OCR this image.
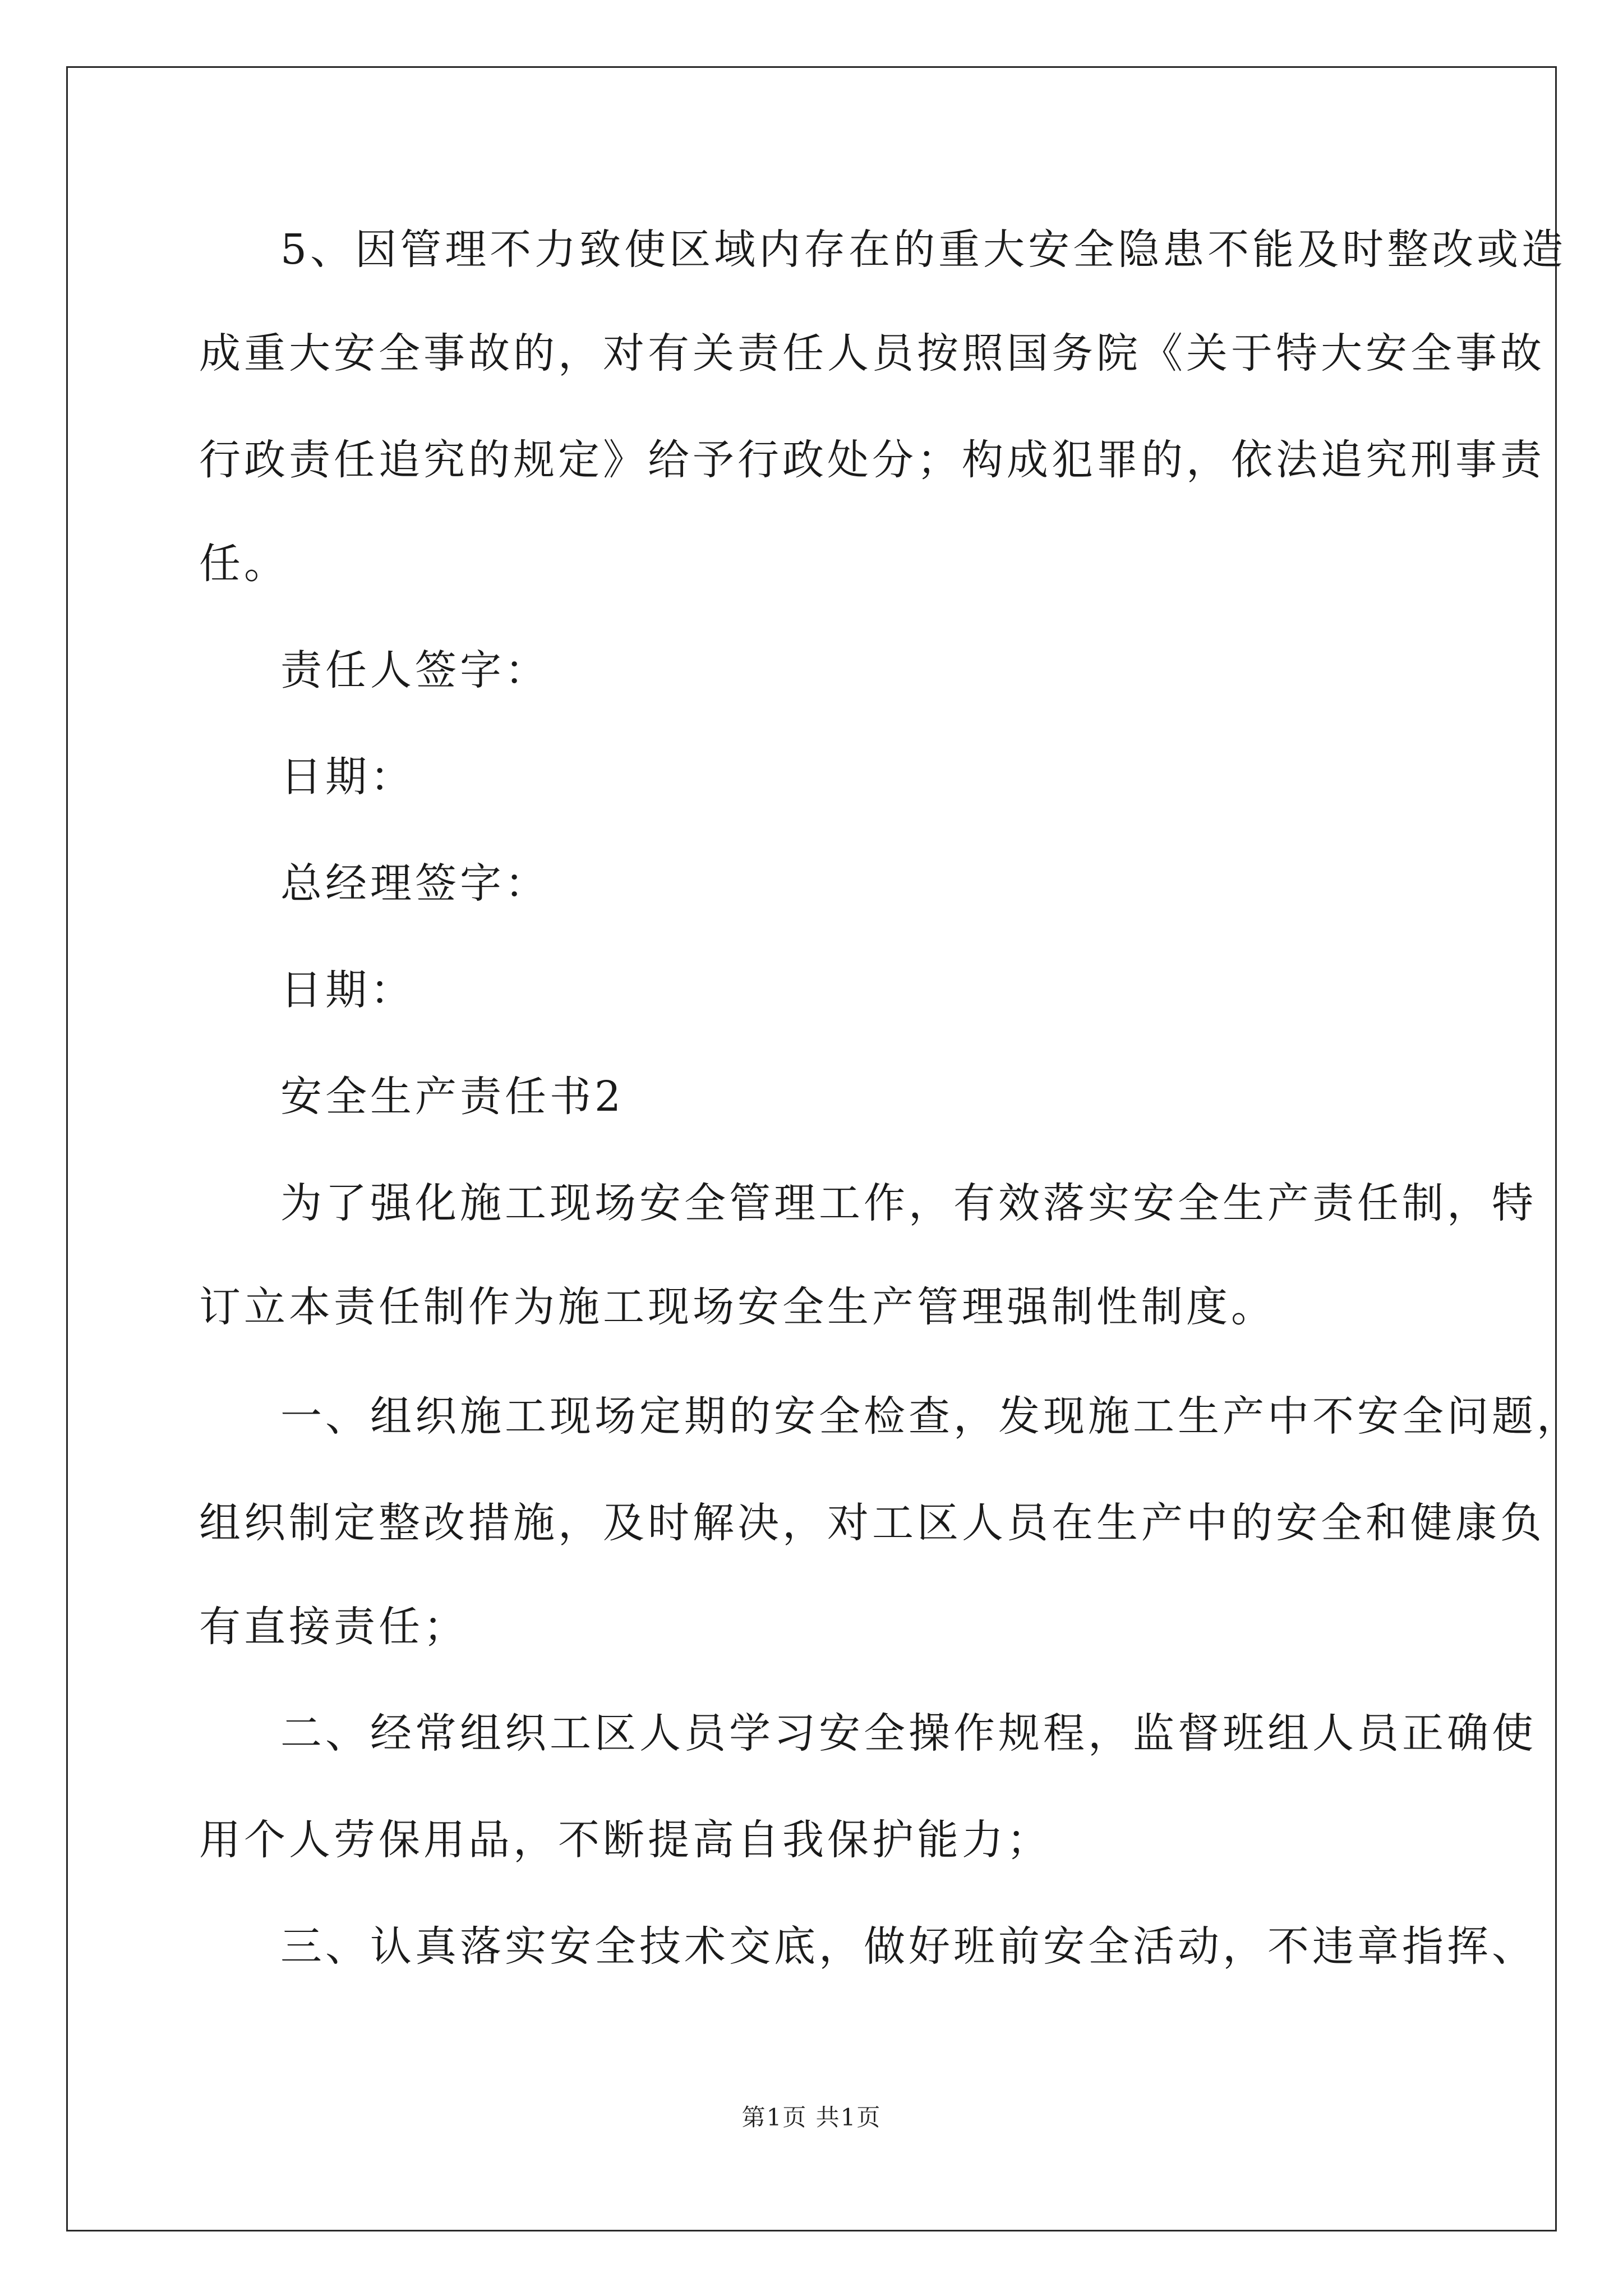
5、因管理不力致使区域内存在的重大安全隐患不能及时整改或造
成重大安全事故的，对有关责任人员按照国务院《关于特大安全事故
行政责任追究的规定》给予行政处分；构成犯罪的，依法追究刑事责
任。
责任人签字：
日期：
总经理签字：
日期：
安全生产责任书2
为了强化施工现场安全管理工作，有效落实安全生产责任制，特
订立本责任制作为施工现场安全生产管理强制性制度。
一、组织施工现场定期的安全检查，发现施工生产中不安全问题，
组织制定整改措施，及时解决，对工区人员在生产中的安全和健康负
有直接责任；
二、经常组织工区人员学习安全操作规程，监督班组人员正确使
用个人劳保用品，不断提高自我保护能力；
三、认真落实安全技术交底，做好班前安全活动，不违章指挥、
第1页 共1页
